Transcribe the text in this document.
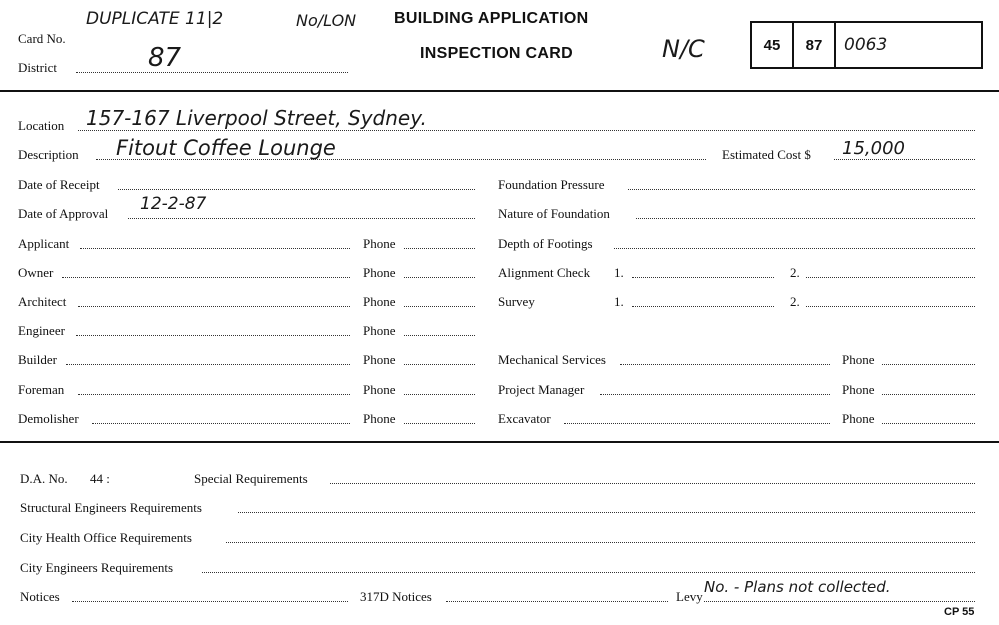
Card No.
DUPLICATE 11|2	No/LON
District	87
BUILDING APPLICATION
INSPECTION CARD	N/C	45	87	0063
Location 157-167 Liverpool Street, Sydney.
Description Fitout Coffee Lounge	Estimated Cost $ 15,000
Date of Receipt
Date of Approval 12-2-87
Applicant	Phone
Owner	Phone
Architect	Phone
Engineer	Phone
Builder	Phone
Foreman	Phone
Demolisher	Phone
Foundation Pressure
Nature of Foundation
Depth of Footings
Alignment Check 1.	2.
Survey	1.	2.
Mechanical Services	Phone
Project Manager	Phone
Excavator	Phone
D.A. No. 44 :	Special Requirements
Structural Engineers Requirements
City Health Office Requirements
City Engineers Requirements
Notices	317D Notices	Levy
No. - Plans not collected.
CP 55
